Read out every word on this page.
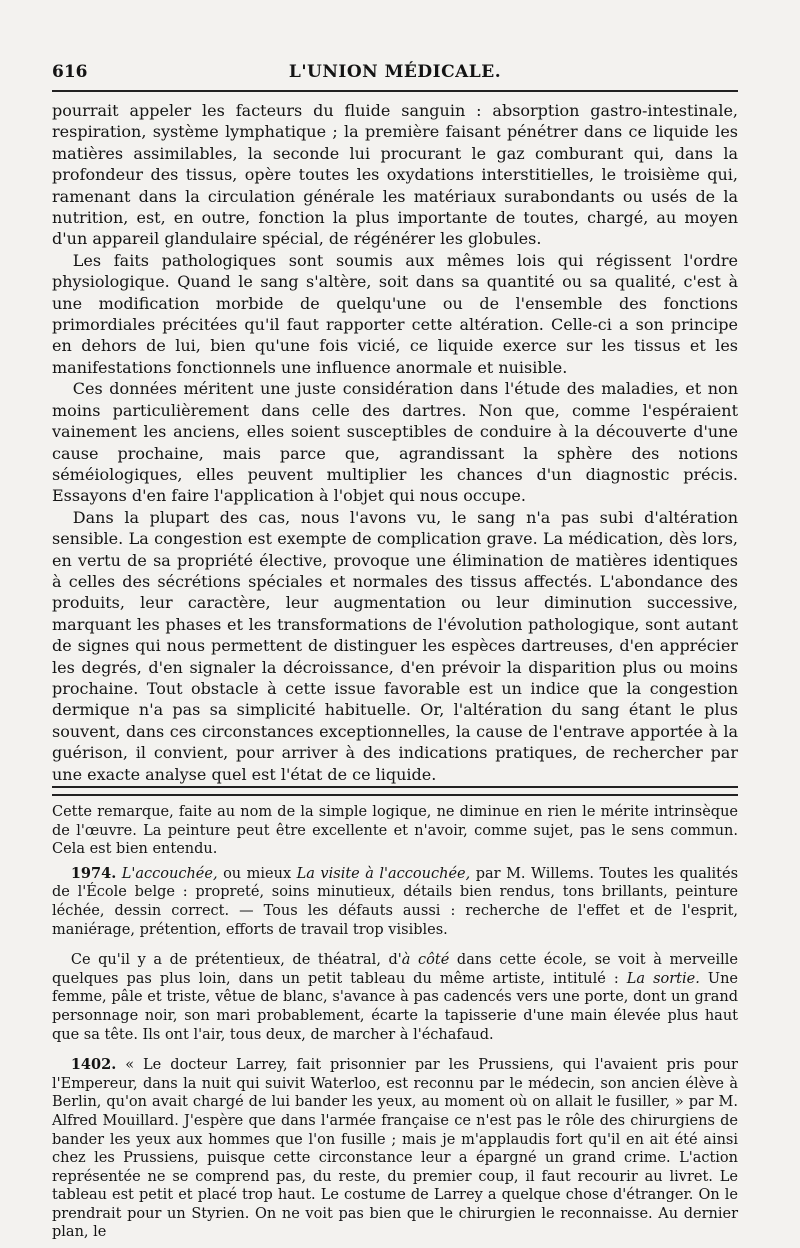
616	L'UNION MÉDICALE.

pourrait appeler les facteurs du fluide sanguin : absorption gastro-intestinale, respiration, système lymphatique ; la première faisant pénétrer dans ce liquide les matières assimilables, la seconde lui procurant le gaz comburant qui, dans la profondeur des tissus, opère toutes les oxydations interstitielles, le troisième qui, ramenant dans la circulation générale les matériaux surabondants ou usés de la nutrition, est, en outre, fonction la plus importante de toutes, chargé, au moyen d'un appareil glandulaire spécial, de régénérer les globules.

Les faits pathologiques sont soumis aux mêmes lois qui régissent l'ordre physiologique. Quand le sang s'altère, soit dans sa quantité ou sa qualité, c'est à une modification morbide de quelqu'une ou de l'ensemble des fonctions primordiales précitées qu'il faut rapporter cette altération. Celle-ci a son principe en dehors de lui, bien qu'une fois vicié, ce liquide exerce sur les tissus et les manifestations fonctionnels une influence anormale et nuisible.

Ces données méritent une juste considération dans l'étude des maladies, et non moins particulièrement dans celle des dartres. Non que, comme l'espéraient vainement les anciens, elles soient susceptibles de conduire à la découverte d'une cause prochaine, mais parce que, agrandissant la sphère des notions séméiologiques, elles peuvent multiplier les chances d'un diagnostic précis. Essayons d'en faire l'application à l'objet qui nous occupe.

Dans la plupart des cas, nous l'avons vu, le sang n'a pas subi d'altération sensible. La congestion est exempte de complication grave. La médication, dès lors, en vertu de sa propriété élective, provoque une élimination de matières identiques à celles des sécrétions spéciales et normales des tissus affectés. L'abondance des produits, leur caractère, leur augmentation ou leur diminution successive, marquant les phases et les transformations de l'évolution pathologique, sont autant de signes qui nous permettent de distinguer les espèces dartreuses, d'en apprécier les degrés, d'en signaler la décroissance, d'en prévoir la disparition plus ou moins prochaine. Tout obstacle à cette issue favorable est un indice que la congestion dermique n'a pas sa simplicité habituelle. Or, l'altération du sang étant le plus souvent, dans ces circonstances exceptionnelles, la cause de l'entrave apportée à la guérison, il convient, pour arriver à des indications pratiques, de rechercher par une exacte analyse quel est l'état de ce liquide.

Cette remarque, faite au nom de la simple logique, ne diminue en rien le mérite intrinsèque de l'œuvre. La peinture peut être excellente et n'avoir, comme sujet, pas le sens commun. Cela est bien entendu.

1974. L'accouchée, ou mieux La visite à l'accouchée, par M. Willems. Toutes les qualités de l'École belge : propreté, soins minutieux, détails bien rendus, tons brillants, peinture léchée, dessin correct. — Tous les défauts aussi : recherche de l'effet et de l'esprit, maniérage, prétention, efforts de travail trop visibles.

Ce qu'il y a de prétentieux, de théatral, d'à côté dans cette école, se voit à merveille quelques pas plus loin, dans un petit tableau du même artiste, intitulé : La sortie. Une femme, pâle et triste, vêtue de blanc, s'avance à pas cadencés vers une porte, dont un grand personnage noir, son mari probablement, écarte la tapisserie d'une main élevée plus haut que sa tête. Ils ont l'air, tous deux, de marcher à l'échafaud.

1402. « Le docteur Larrey, fait prisonnier par les Prussiens, qui l'avaient pris pour l'Empereur, dans la nuit qui suivit Waterloo, est reconnu par le médecin, son ancien élève à Berlin, qu'on avait chargé de lui bander les yeux, au moment où on allait le fusiller, » par M. Alfred Mouillard. J'espère que dans l'armée française ce n'est pas le rôle des chirurgiens de bander les yeux aux hommes que l'on fusille ; mais je m'applaudis fort qu'il en ait été ainsi chez les Prussiens, puisque cette circonstance leur a épargné un grand crime. L'action représentée ne se comprend pas, du reste, du premier coup, il faut recourir au livret. Le tableau est petit et placé trop haut. Le costume de Larrey a quelque chose d'étranger. On le prendrait pour un Styrien. On ne voit pas bien que le chirurgien le reconnaisse. Au dernier plan, le
